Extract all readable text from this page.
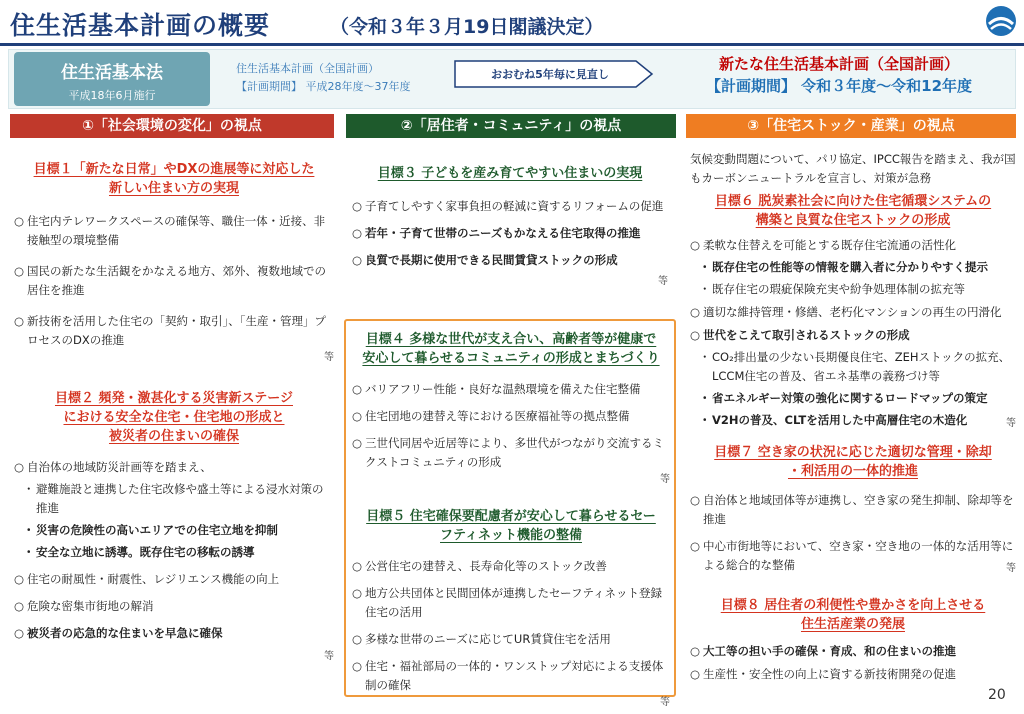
住生活基本計画の概要	（令和３年３月19日閣議決定）
住生活基本法
平成18年6月施行
住生活基本計画（全国計画）
【計画期間】 平成28年度～37年度
おおむね5年毎に見直し
新たな住生活基本計画（全国計画）
【計画期間】 令和３年度～令和12年度
①「社会環境の変化」の視点	②「居住者・コミュニティ」の視点	③「住宅ストック・産業」の視点
目標１「新たな日常」やDXの進展等に対応した
新しい住まい方の実現
○ 住宅内テレワークスペースの確保等、職住一体・近接、非接触型の環境整備
○ 国民の新たな生活観をかなえる地方、郊外、複数地域での居住を推進
○ 新技術を活用した住宅の「契約・取引」、「生産・管理」プロセスのDXの推進
等
目標２ 頻発・激甚化する災害新ステージ
における安全な住宅・住宅地の形成と
被災者の住まいの確保
○ 自治体の地域防災計画等を踏まえ、
・ 避難施設と連携した住宅改修や盛土等による浸水対策の推進
・ 災害の危険性の高いエリアでの住宅立地を抑制
・ 安全な立地に誘導。既存住宅の移転の誘導
○ 住宅の耐風性・耐震性、レジリエンス機能の向上
○ 危険な密集市街地の解消
○ 被災者の応急的な住まいを早急に確保
等
目標３ 子どもを産み育てやすい住まいの実現
○ 子育てしやすく家事負担の軽減に資するリフォームの促進
○ 若年・子育て世帯のニーズもかなえる住宅取得の推進
○ 良質で長期に使用できる民間賃貸ストックの形成
等
目標４ 多様な世代が支え合い、高齢者等が健康で
安心して暮らせるコミュニティの形成とまちづくり
○ バリアフリー性能・良好な温熱環境を備えた住宅整備
○ 住宅団地の建替え等における医療福祉等の拠点整備
○ 三世代同居や近居等により、多世代がつながり交流するミクストコミュニティの形成
等
目標５ 住宅確保要配慮者が安心して暮らせるセー
フティネット機能の整備
○ 公営住宅の建替え、長寿命化等のストック改善
○ 地方公共団体と民間団体が連携したセーフティネット登録住宅の活用
○ 多様な世帯のニーズに応じてUR賃貸住宅を活用
○ 住宅・福祉部局の一体的・ワンストップ対応による支援体制の確保
等
気候変動問題について、パリ協定、IPCC報告を踏まえ、我が国もカーボンニュートラルを宣言し、対策が急務
目標６ 脱炭素社会に向けた住宅循環システムの
構築と良質な住宅ストックの形成
○ 柔軟な住替えを可能とする既存住宅流通の活性化
・ 既存住宅の性能等の情報を購入者に分かりやすく提示
・ 既存住宅の瑕疵保険充実や紛争処理体制の拡充等
○ 適切な維持管理・修繕、老朽化マンションの再生の円滑化
○ 世代をこえて取引されるストックの形成
・ CO₂排出量の少ない長期優良住宅、ZEHストックの拡充、LCCM住宅の普及、省エネ基準の義務づけ等
・ 省エネルギー対策の強化に関するロードマップの策定
・ V2Hの普及、CLTを活用した中高層住宅の木造化	等
目標７ 空き家の状況に応じた適切な管理・除却
・利活用の一体的推進
○ 自治体と地域団体等が連携し、空き家の発生抑制、除却等を推進
○ 中心市街地等において、空き家・空き地の一体的な活用等による総合的な整備	等
目標８ 居住者の利便性や豊かさを向上させる
住生活産業の発展
○ 大工等の担い手の確保・育成、和の住まいの推進
○ 生産性・安全性の向上に資する新技術開発の促進
20
